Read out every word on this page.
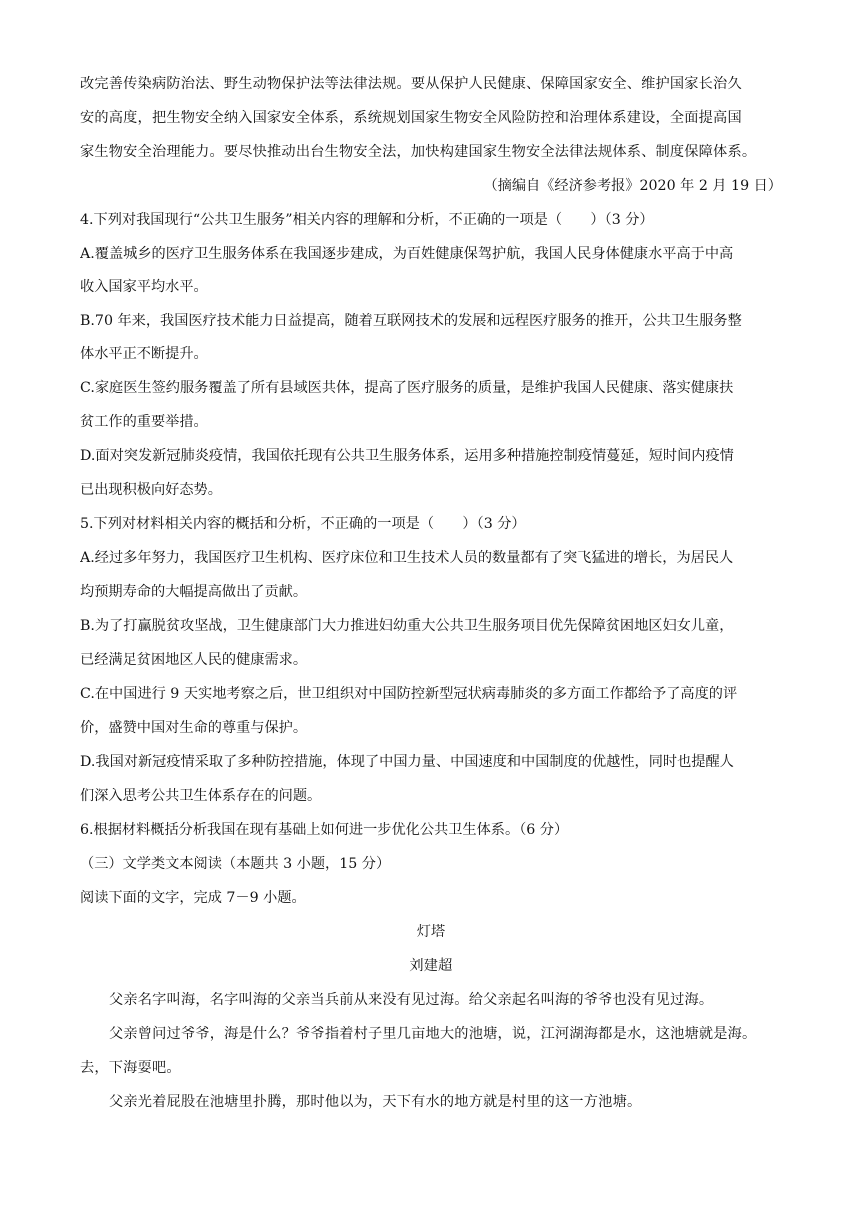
改完善传染病防治法、野生动物保护法等法律法规。要从保护人民健康、保障国家安全、维护国家长治久
安的高度，把生物安全纳入国家安全体系，系统规划国家生物安全风险防控和治理体系建设，全面提高国
家生物安全治理能力。要尽快推动出台生物安全法，加快构建国家生物安全法律法规体系、制度保障体系。
（摘编自《经济参考报》2020 年 2 月 19 日）
4.下列对我国现行“公共卫生服务”相关内容的理解和分析，不正确的一项是（　　）（3 分）
A.覆盖城乡的医疗卫生服务体系在我国逐步建成，为百姓健康保驾护航，我国人民身体健康水平高于中高
收入国家平均水平。
B.70 年来，我国医疗技术能力日益提高，随着互联网技术的发展和远程医疗服务的推开，公共卫生服务整
体水平正不断提升。
C.家庭医生签约服务覆盖了所有县域医共体，提高了医疗服务的质量，是维护我国人民健康、落实健康扶
贫工作的重要举措。
D.面对突发新冠肺炎疫情，我国依托现有公共卫生服务体系，运用多种措施控制疫情蔓延，短时间内疫情
已出现积极向好态势。
5.下列对材料相关内容的概括和分析，不正确的一项是（　　）（3 分）
A.经过多年努力，我国医疗卫生机构、医疗床位和卫生技术人员的数量都有了突飞猛进的增长，为居民人
均预期寿命的大幅提高做出了贡献。
B.为了打赢脱贫攻坚战，卫生健康部门大力推进妇幼重大公共卫生服务项目优先保障贫困地区妇女儿童，
已经满足贫困地区人民的健康需求。
C.在中国进行 9 天实地考察之后，世卫组织对中国防控新型冠状病毒肺炎的多方面工作都给予了高度的评
价，盛赞中国对生命的尊重与保护。
D.我国对新冠疫情采取了多种防控措施，体现了中国力量、中国速度和中国制度的优越性，同时也提醒人
们深入思考公共卫生体系存在的问题。
6.根据材料概括分析我国在现有基础上如何进一步优化公共卫生体系。（6 分）
（三）文学类文本阅读（本题共 3 小题，15 分）
阅读下面的文字，完成 7－9 小题。
灯塔
刘建超
父亲名字叫海，名字叫海的父亲当兵前从来没有见过海。给父亲起名叫海的爷爷也没有见过海。
父亲曾问过爷爷，海是什么？爷爷指着村子里几亩地大的池塘，说，江河湖海都是水，这池塘就是海。
去，下海耍吧。
父亲光着屁股在池塘里扑腾，那时他以为，天下有水的地方就是村里的这一方池塘。
